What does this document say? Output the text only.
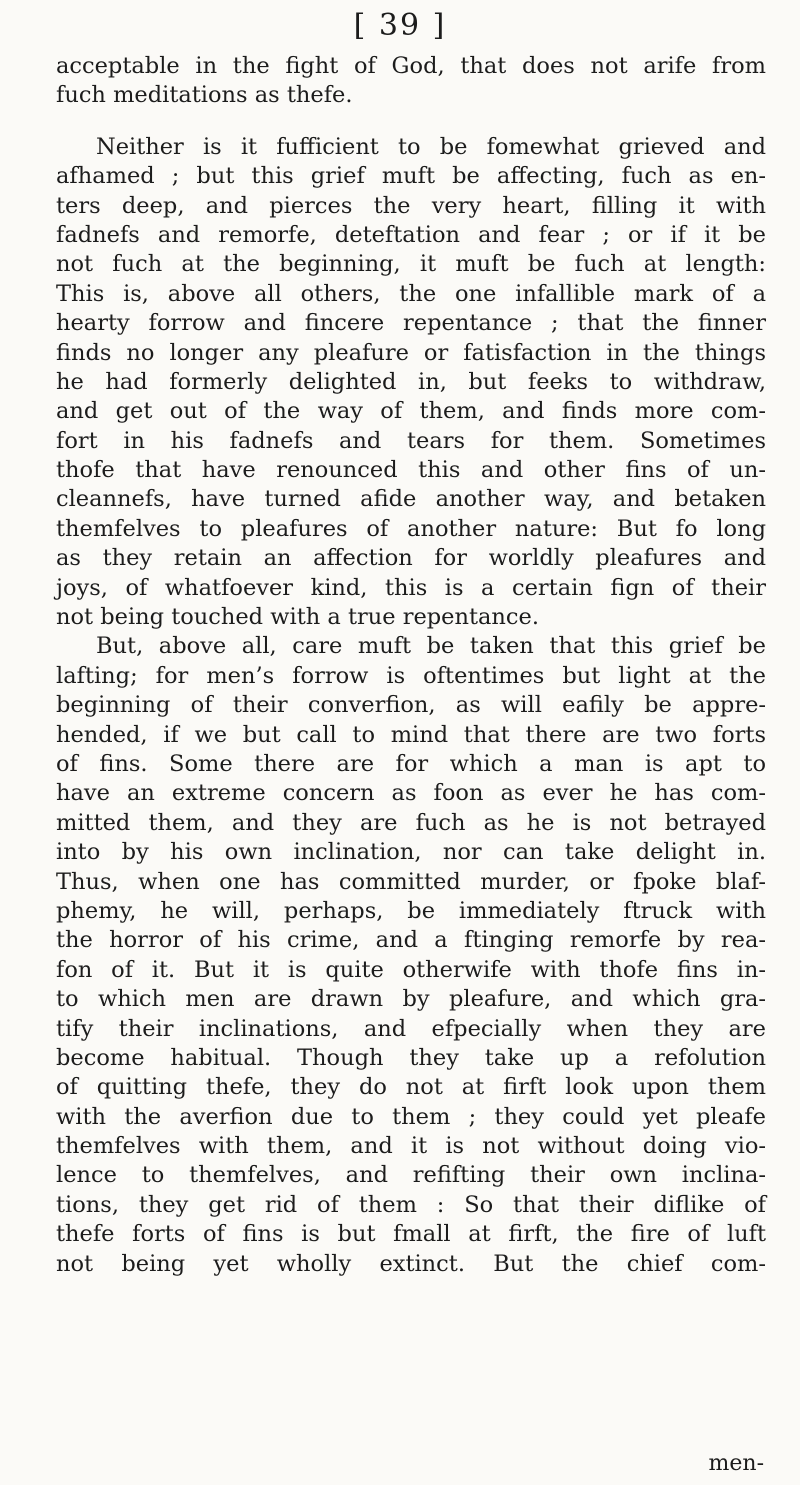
[ 39 ]
acceptable in the fight of God, that does not arife from
fuch meditations as thefe.
Neither is it fufficient to be fomewhat grieved and
afhamed ; but this grief muft be affecting, fuch as en-
ters deep, and pierces the very heart, filling it with
fadnefs and remorfe, deteftation and fear ; or if it be
not fuch at the beginning, it muft be fuch at length:
This is, above all others, the one infallible mark of a
hearty forrow and fincere repentance ; that the finner
finds no longer any pleafure or fatisfaction in the things
he had formerly delighted in, but feeks to withdraw,
and get out of the way of them, and finds more com-
fort in his fadnefs and tears for them. Sometimes
thofe that have renounced this and other fins of un-
cleannefs, have turned afide another way, and betaken
themfelves to pleafures of another nature: But fo long
as they retain an affection for worldly pleafures and
joys, of whatfoever kind, this is a certain fign of their
not being touched with a true repentance.
But, above all, care muft be taken that this grief be
lafting; for men’s forrow is oftentimes but light at the
beginning of their converfion, as will eafily be appre-
hended, if we but call to mind that there are two forts
of fins. Some there are for which a man is apt to
have an extreme concern as foon as ever he has com-
mitted them, and they are fuch as he is not betrayed
into by his own inclination, nor can take delight in.
Thus, when one has committed murder, or fpoke blaf-
phemy, he will, perhaps, be immediately ftruck with
the horror of his crime, and a ftinging remorfe by rea-
fon of it. But it is quite otherwife with thofe fins in-
to which men are drawn by pleafure, and which gra-
tify their inclinations, and efpecially when they are
become habitual. Though they take up a refolution
of quitting thefe, they do not at firft look upon them
with the averfion due to them ; they could yet pleafe
themfelves with them, and it is not without doing vio-
lence to themfelves, and refifting their own inclina-
tions, they get rid of them : So that their diflike of
thefe forts of fins is but fmall at firft, the fire of luft
not being yet wholly extinct. But the chief com-
men-
